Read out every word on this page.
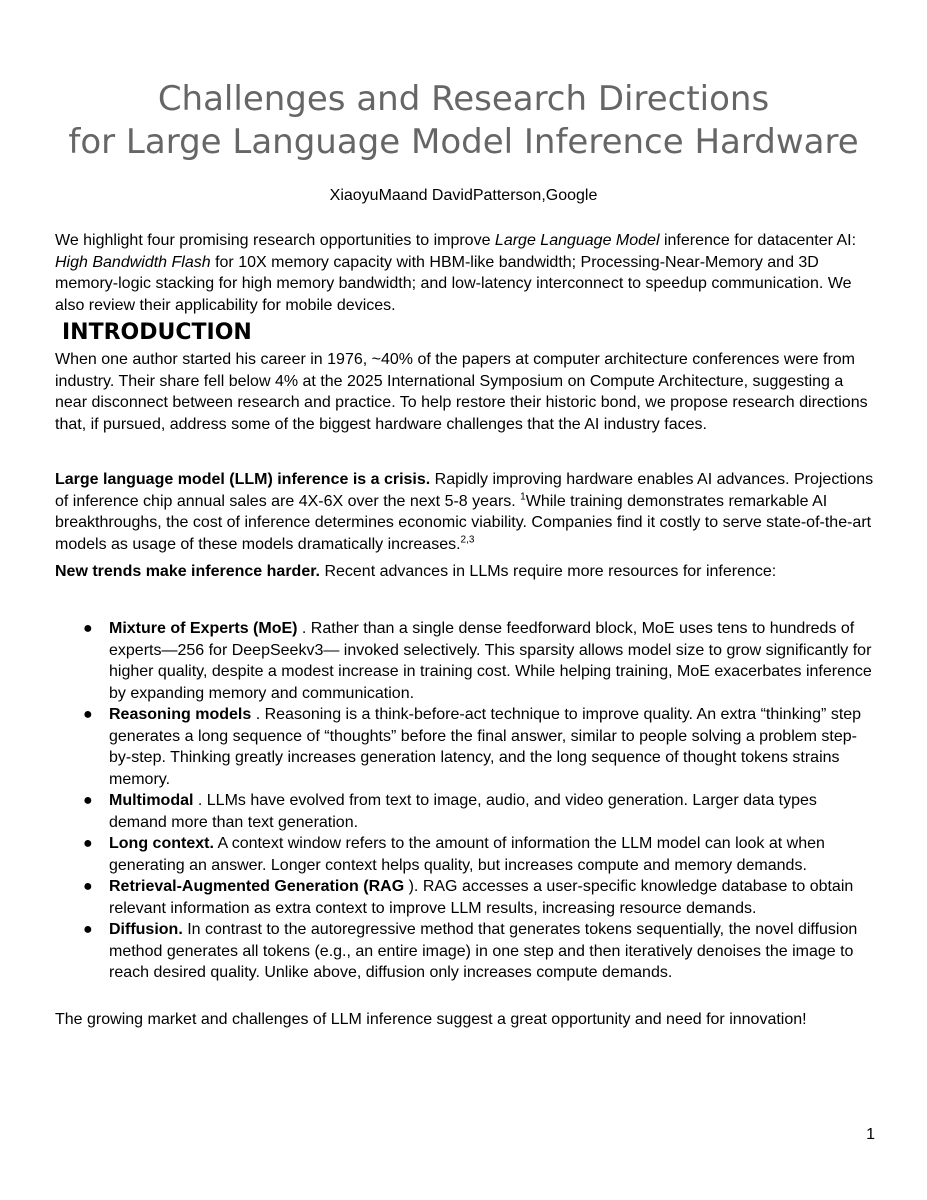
Challenges and Research Directions
for Large Language Model Inference Hardware

XiaoyuMaand DavidPatterson,Google

We highlight four promising research opportunities to improve Large Language Model inference for datacenter AI: High Bandwidth Flash for 10X memory capacity with HBM-like bandwidth; Processing-Near-Memory and 3D memory-logic stacking for high memory bandwidth; and low-latency interconnect to speedup communication. We also review their applicability for mobile devices.

INTRODUCTION

When one author started his career in 1976, ~40% of the papers at computer architecture conferences were from industry. Their share fell below 4% at the 2025 International Symposium on Compute Architecture, suggesting a near disconnect between research and practice. To help restore their historic bond, we propose research directions that, if pursued, address some of the biggest hardware challenges that the AI industry faces.

Large language model (LLM) inference is a crisis. Rapidly improving hardware enables AI advances. Projections of inference chip annual sales are 4X-6X over the next 5-8 years. $^1$While training demonstrates remarkable AI breakthroughs, the cost of inference determines economic viability. Companies find it costly to serve state-of-the-art models as usage of these models dramatically increases.$^{2,3}$

New trends make inference harder. Recent advances in LLMs require more resources for inference:

● Mixture of Experts (MoE) . Rather than a single dense feedforward block, MoE uses tens to hundreds of experts—256 for DeepSeekv3— invoked selectively. This sparsity allows model size to grow significantly for higher quality, despite a modest increase in training cost. While helping training, MoE exacerbates inference by expanding memory and communication.
● Reasoning models . Reasoning is a think-before-act technique to improve quality. An extra “thinking” step generates a long sequence of “thoughts” before the final answer, similar to people solving a problem step-by-step. Thinking greatly increases generation latency, and the long sequence of thought tokens strains memory.
● Multimodal . LLMs have evolved from text to image, audio, and video generation. Larger data types demand more than text generation.
● Long context. A context window refers to the amount of information the LLM model can look at when generating an answer. Longer context helps quality, but increases compute and memory demands.
● Retrieval-Augmented Generation (RAG ). RAG accesses a user-specific knowledge database to obtain relevant information as extra context to improve LLM results, increasing resource demands.
● Diffusion. In contrast to the autoregressive method that generates tokens sequentially, the novel diffusion method generates all tokens (e.g., an entire image) in one step and then iteratively denoises the image to reach desired quality. Unlike above, diffusion only increases compute demands.

The growing market and challenges of LLM inference suggest a great opportunity and need for innovation!

1
